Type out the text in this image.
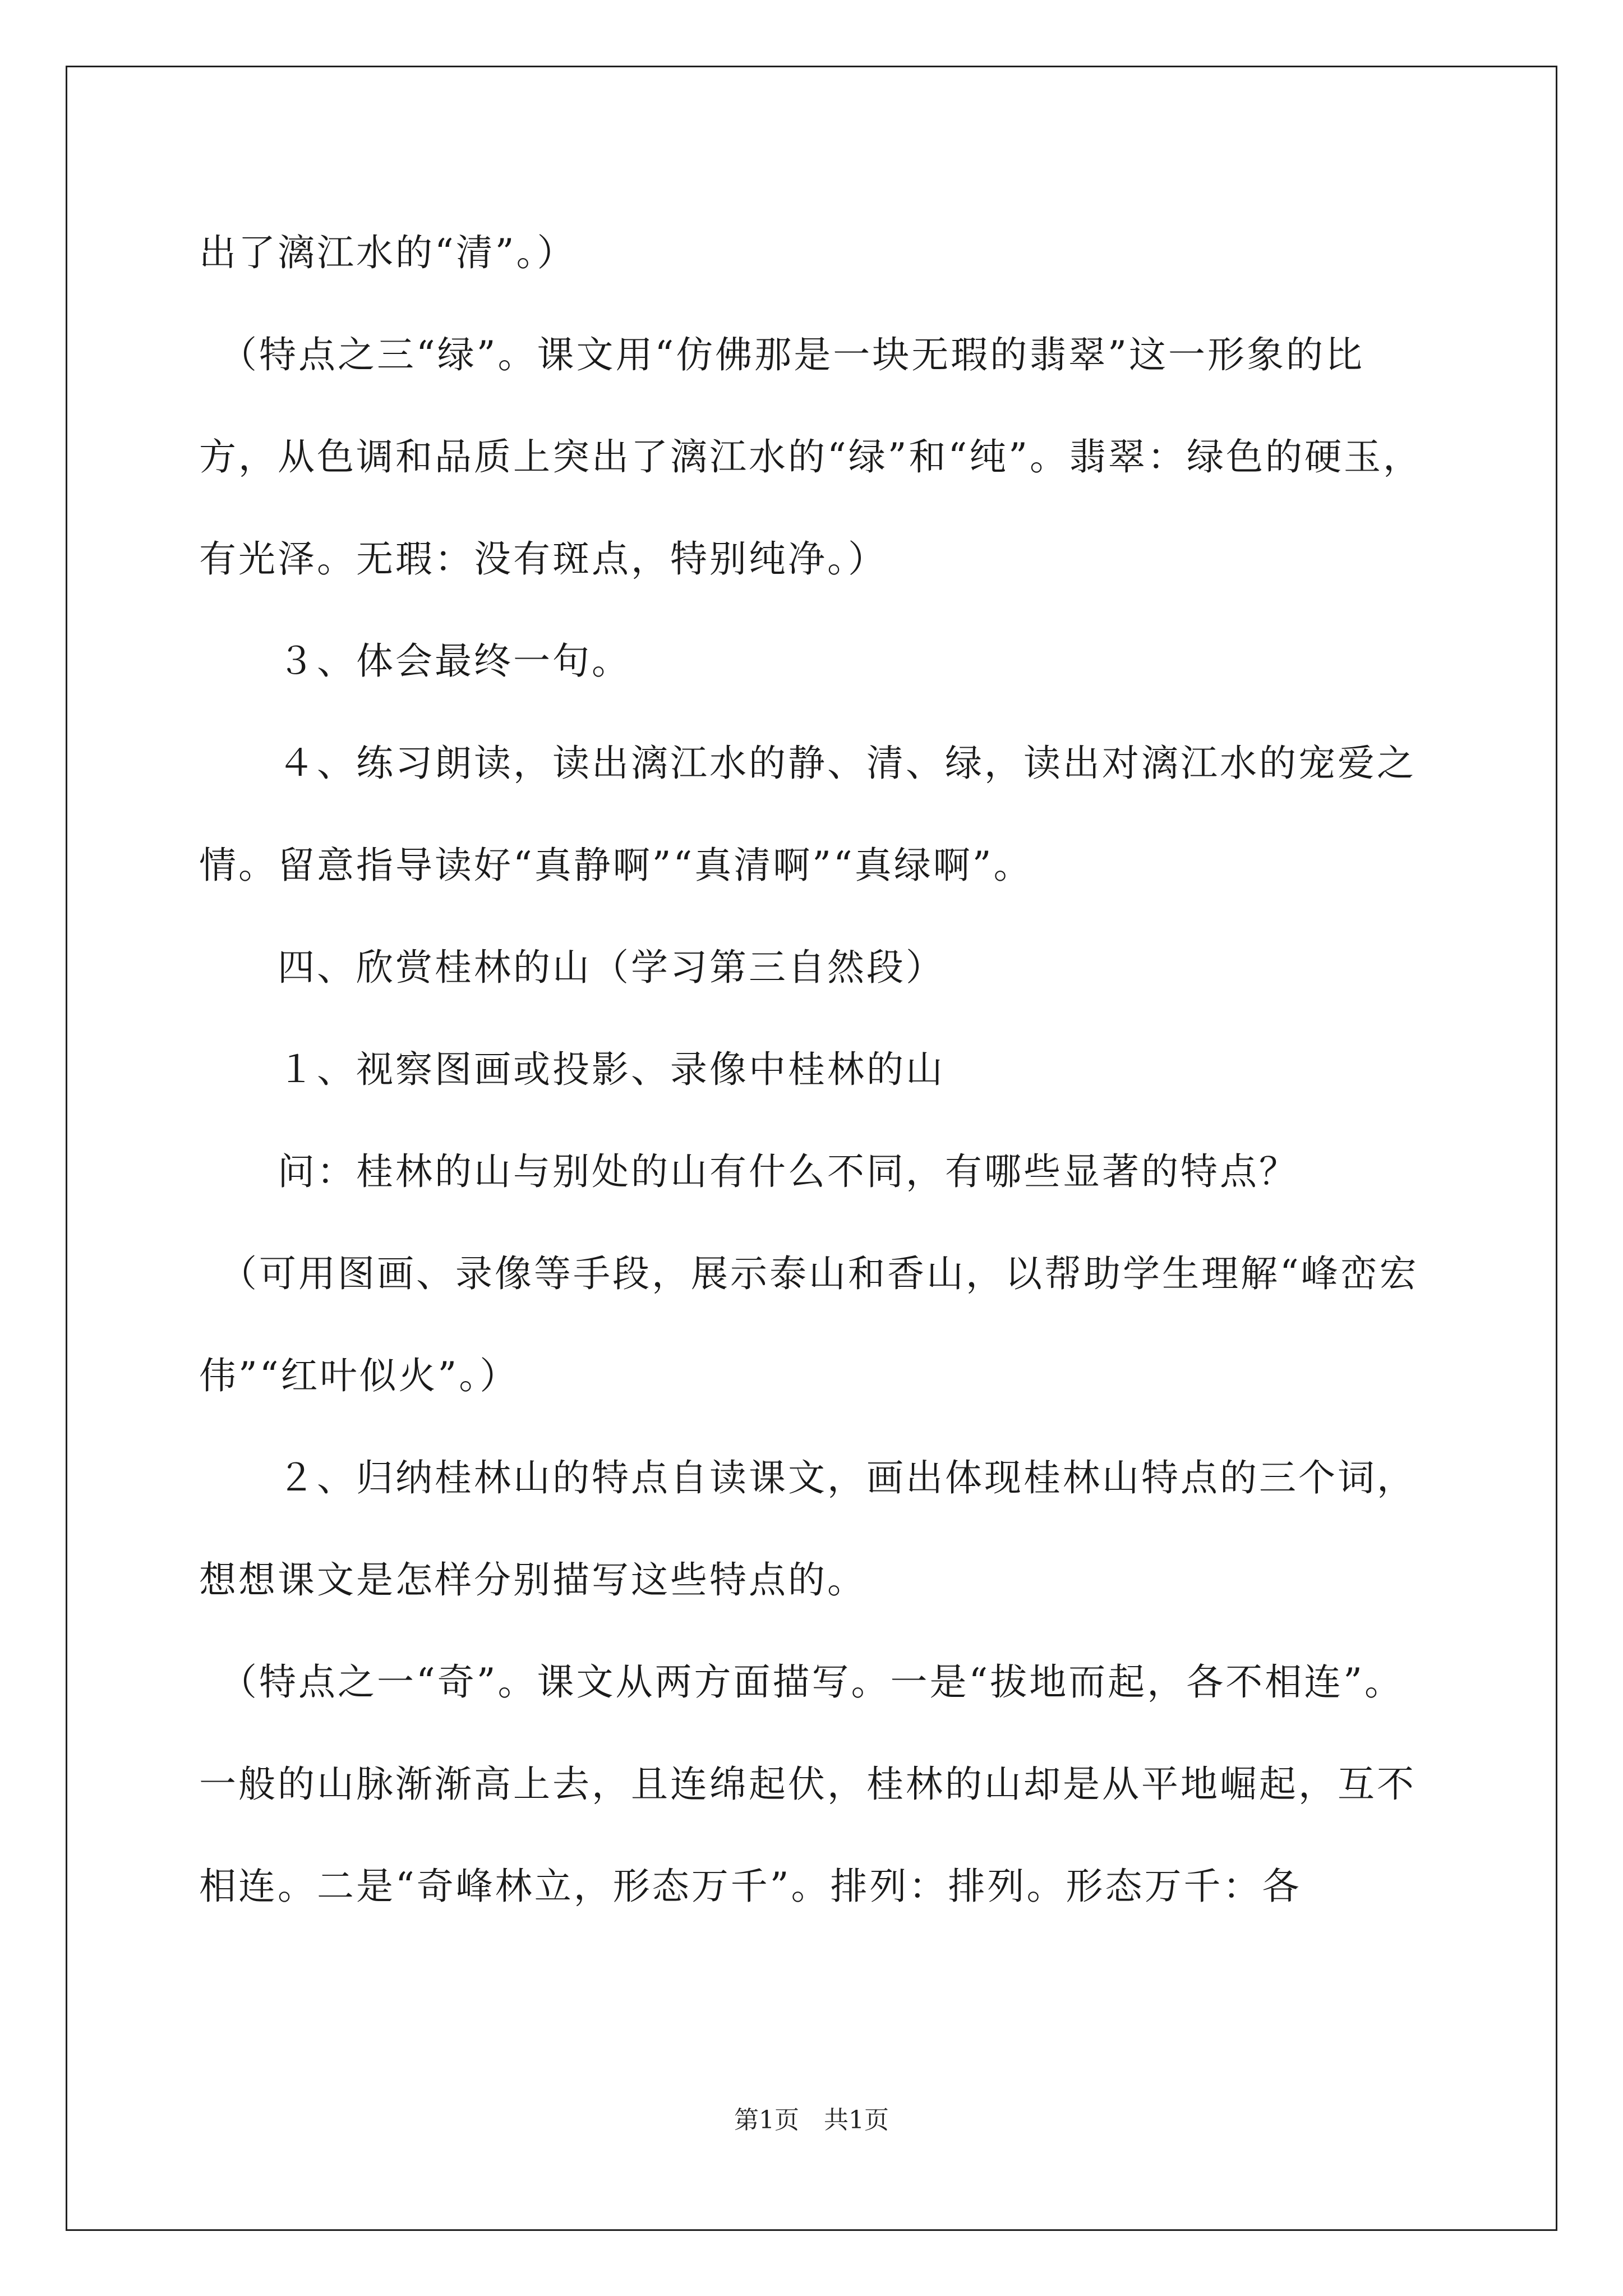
出了漓江水的“清”。）

　（特点之三“绿”。课文用“仿佛那是一块无瑕的翡翠”这一形象的比方，从色调和品质上突出了漓江水的“绿”和“纯”。翡翠：绿色的硬玉，有光泽。无瑕：没有斑点，特别纯净。）

　　３、体会最终一句。

　　４、练习朗读，读出漓江水的静、清、绿，读出对漓江水的宠爱之情。留意指导读好“真静啊”“真清啊”“真绿啊”。

　　四、欣赏桂林的山（学习第三自然段）

　　１、视察图画或投影、录像中桂林的山

　　问：桂林的山与别处的山有什么不同，有哪些显著的特点？

　（可用图画、录像等手段，展示泰山和香山，以帮助学生理解“峰峦宏伟”“红叶似火”。）

　　２、归纳桂林山的特点自读课文，画出体现桂林山特点的三个词，想想课文是怎样分别描写这些特点的。

　（特点之一“奇”。课文从两方面描写。一是“拔地而起，各不相连”。一般的山脉渐渐高上去，且连绵起伏，桂林的山却是从平地崛起，互不相连。二是“奇峰林立，形态万千”。排列：排列。形态万千：各

第1页　共1页
